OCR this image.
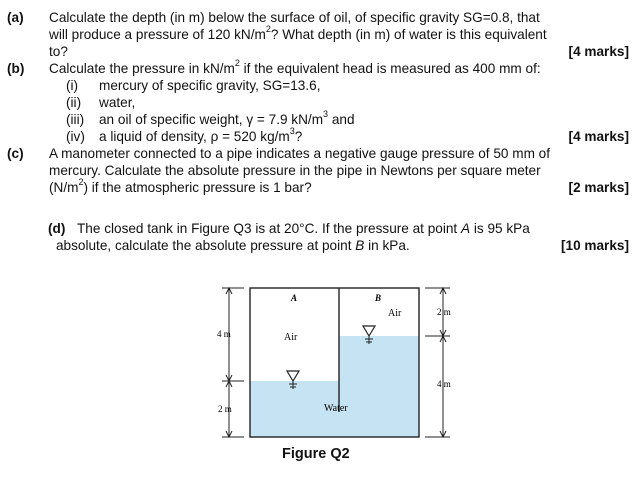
(a) Calculate the depth (in m) below the surface of oil, of specific gravity SG=0.8, that
will produce a pressure of 120 $kN/m^2$? What depth (in m) of water is this equivalent
to?	[4 marks]
(b) Calculate the pressure in $kN/m^2$ if the equivalent head is measured as 400 mm of:
(i) mercury of specific gravity, SG=13.6,
(ii) water,
(iii) an oil of specific weight, γ = 7.9 $kN/m^3$ and
(iv) a liquid of density, ρ = 520 $kg/m^3$?	[4 marks]
(c) A manometer connected to a pipe indicates a negative gauge pressure of 50 mm of
mercury. Calculate the absolute pressure in the pipe in Newtons per square meter
$(N/m^2)$ if the atmospheric pressure is 1 bar?	[2 marks]
(d) The closed tank in Figure Q3 is at 20°C. If the pressure at point A is 95 kPa
absolute, calculate the absolute pressure at point B in kPa.	[10 marks]
A	B
Air
Air
Water
4 m
2 m
2 m
4 m
Figure Q2
